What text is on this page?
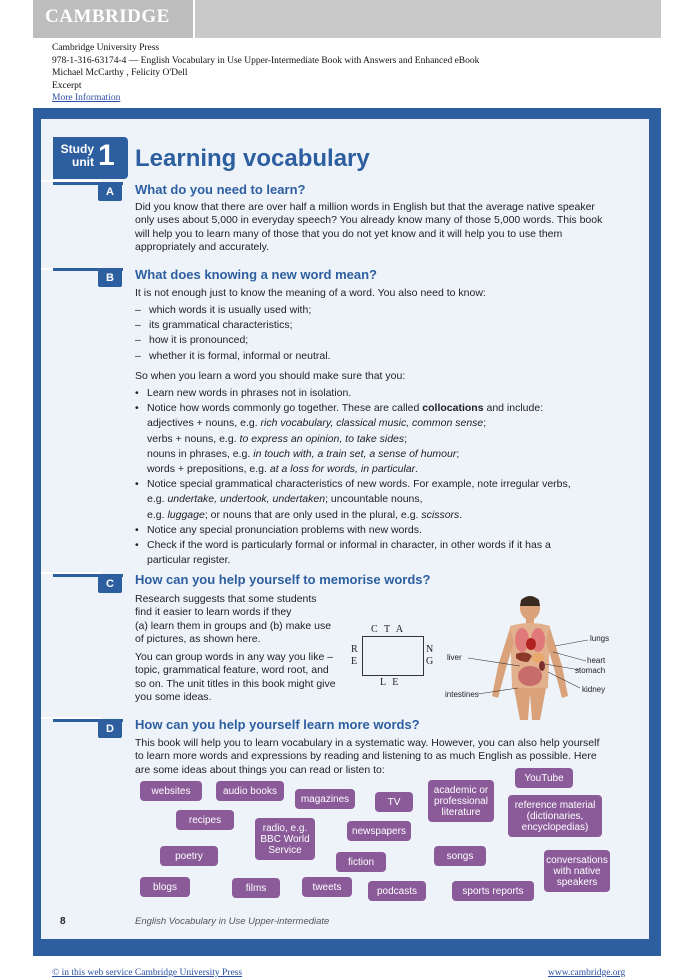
CAMBRIDGE
Cambridge University Press
978-1-316-63174-4 — English Vocabulary in Use Upper-Intermediate Book with Answers and Enhanced eBook
Michael McCarthy , Felicity O'Dell
Excerpt
More Information
Study
unit 1 Learning vocabulary
A	What do you need to learn?
Did you know that there are over half a million words in English but that the average native speaker
only uses about 5,000 in everyday speech? You already know many of those 5,000 words. This book
will help you to learn many of those that you do not yet know and it will help you to use them
appropriately and accurately.
B	What does knowing a new word mean?
It is not enough just to know the meaning of a word. You also need to know:
– which words it is usually used with;
– its grammatical characteristics;
– how it is pronounced;
– whether it is formal, informal or neutral.
So when you learn a word you should make sure that you:
• Learn new words in phrases not in isolation.
• Notice how words commonly go together. These are called collocations and include:
adjectives + nouns, e.g. rich vocabulary, classical music, common sense;
verbs + nouns, e.g. to express an opinion, to take sides;
nouns in phrases, e.g. in touch with, a train set, a sense of humour;
words + prepositions, e.g. at a loss for words, in particular.
• Notice special grammatical characteristics of new words. For example, note irregular verbs,
e.g. undertake, undertook, undertaken; uncountable nouns,
e.g. luggage; or nouns that are only used in the plural, e.g. scissors.
• Notice any special pronunciation problems with new words.
• Check if the word is particularly formal or informal in character, in other words if it has a
particular register.
C	How can you help yourself to memorise words?
Research suggests that some students
find it easier to learn words if they
(a) learn them in groups and (b) make use
of pictures, as shown here.
You can group words in any way you like –
topic, grammatical feature, word root, and
so on. The unit titles in this book might give
you some ideas.
C T A
N G
R E
L E
lungs
liver	heart
stomach
intestines
kidney
D	How can you help yourself learn more words?
This book will help you to learn vocabulary in a systematic way. However, you can also help yourself
to learn more words and expressions by reading and listening to as much English as possible. Here
are some ideas about things you can read or listen to:
websites	audio books
magazines	TV
academic or professional literature
YouTube
reference material (dictionaries, encyclopedias)
recipes
radio, e.g. BBC World Service
newspapers
poetry
fiction
songs	conversations with native speakers
blogs	films	tweets	podcasts	sports reports
8	English Vocabulary in Use Upper-intermediate
© in this web service Cambridge University Press	www.cambridge.org
